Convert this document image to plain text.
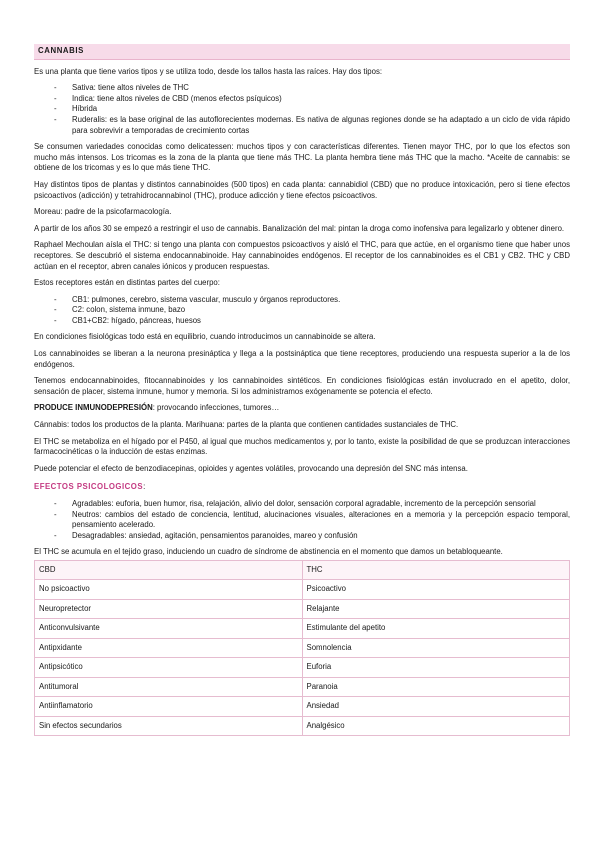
CANNABIS

Es una planta que tiene varios tipos y se utiliza todo, desde los tallos hasta las raíces. Hay dos tipos:

- Sativa: tiene altos niveles de THC
- Indica: tiene altos niveles de CBD (menos efectos psíquicos)
- Híbrida
- Ruderalis: es la base original de las autoflorecientes modernas. Es nativa de algunas regiones donde se ha adaptado a un ciclo de vida rápido para sobrevivir a temporadas de crecimiento cortas

Se consumen variedades conocidas como delicatessen: muchos tipos y con características diferentes. Tienen mayor THC, por lo que los efectos son mucho más intensos. Los tricomas es la zona de la planta que tiene más THC. La planta hembra tiene más THC que la macho. *Aceite de cannabis: se obtiene de los tricomas y es lo que más tiene THC.

Hay distintos tipos de plantas y distintos cannabinoides (500 tipos) en cada planta: cannabidiol (CBD) que no produce intoxicación, pero si tiene efectos psicoactivos (adicción) y tetrahidrocannabinol (THC), produce adicción y tiene efectos psicoactivos.

Moreau: padre de la psicofarmacología.

A partir de los años 30 se empezó a restringir el uso de cannabis. Banalización del mal: pintan la droga como inofensiva para legalizarlo y obtener dinero.

Raphael Mechoulan aísla el THC: si tengo una planta con compuestos psicoactivos y aisló el THC, para que actúe, en el organismo tiene que haber unos receptores. Se descubrió el sistema endocannabinoide. Hay cannabinoides endógenos. El receptor de los cannabinoides es el CB1 y CB2. THC y CBD actúan en el receptor, abren canales iónicos y producen respuestas.

Estos receptores están en distintas partes del cuerpo:

- CB1: pulmones, cerebro, sistema vascular, musculo y órganos reproductores.
- C2: colon, sistema inmune, bazo
- CB1+CB2: hígado, páncreas, huesos

En condiciones fisiológicas todo está en equilibrio, cuando introducimos un cannabinoide se altera.

Los cannabinoides se liberan a la neurona presináptica y llega a la postsináptica que tiene receptores, produciendo una respuesta superior a la de los endógenos.

Tenemos endocannabinoides, fitocannabinoides y los cannabinoides sintéticos. En condiciones fisiológicas están involucrado en el apetito, dolor, sensación de placer, sistema inmune, humor y memoria. Si los administramos exógenamente se potencia el efecto.

PRODUCE INMUNODEPRESIÓN: provocando infecciones, tumores…

Cánnabis: todos los productos de la planta. Marihuana: partes de la planta que contienen cantidades sustanciales de THC.

El THC se metaboliza en el hígado por el P450, al igual que muchos medicamentos y, por lo tanto, existe la posibilidad de que se produzcan interacciones farmacocinéticas o la inducción de estas enzimas.

Puede potenciar el efecto de benzodiacepinas, opioides y agentes volátiles, provocando una depresión del SNC más intensa.

EFECTOS PSICOLOGICOS:
- Agradables: euforia, buen humor, risa, relajación, alivio del dolor, sensación corporal agradable, incremento de la percepción sensorial
- Neutros: cambios del estado de conciencia, lentitud, alucinaciones visuales, alteraciones en a memoria y la percepción espacio temporal, pensamiento acelerado.
- Desagradables: ansiedad, agitación, pensamientos paranoides, mareo y confusión

El THC se acumula en el tejido graso, induciendo un cuadro de síndrome de abstinencia en el momento que damos un betabloqueante.

CBD	THC
No psicoactivo	Psicoactivo
Neuropretector	Relajante
Anticonvulsivante	Estimulante del apetito
Antipxidante	Somnolencia
Antipsicótico	Euforia
Antitumoral	Paranoia
Antiinflamatorio	Ansiedad
Sin efectos secundarios	Analgésico
